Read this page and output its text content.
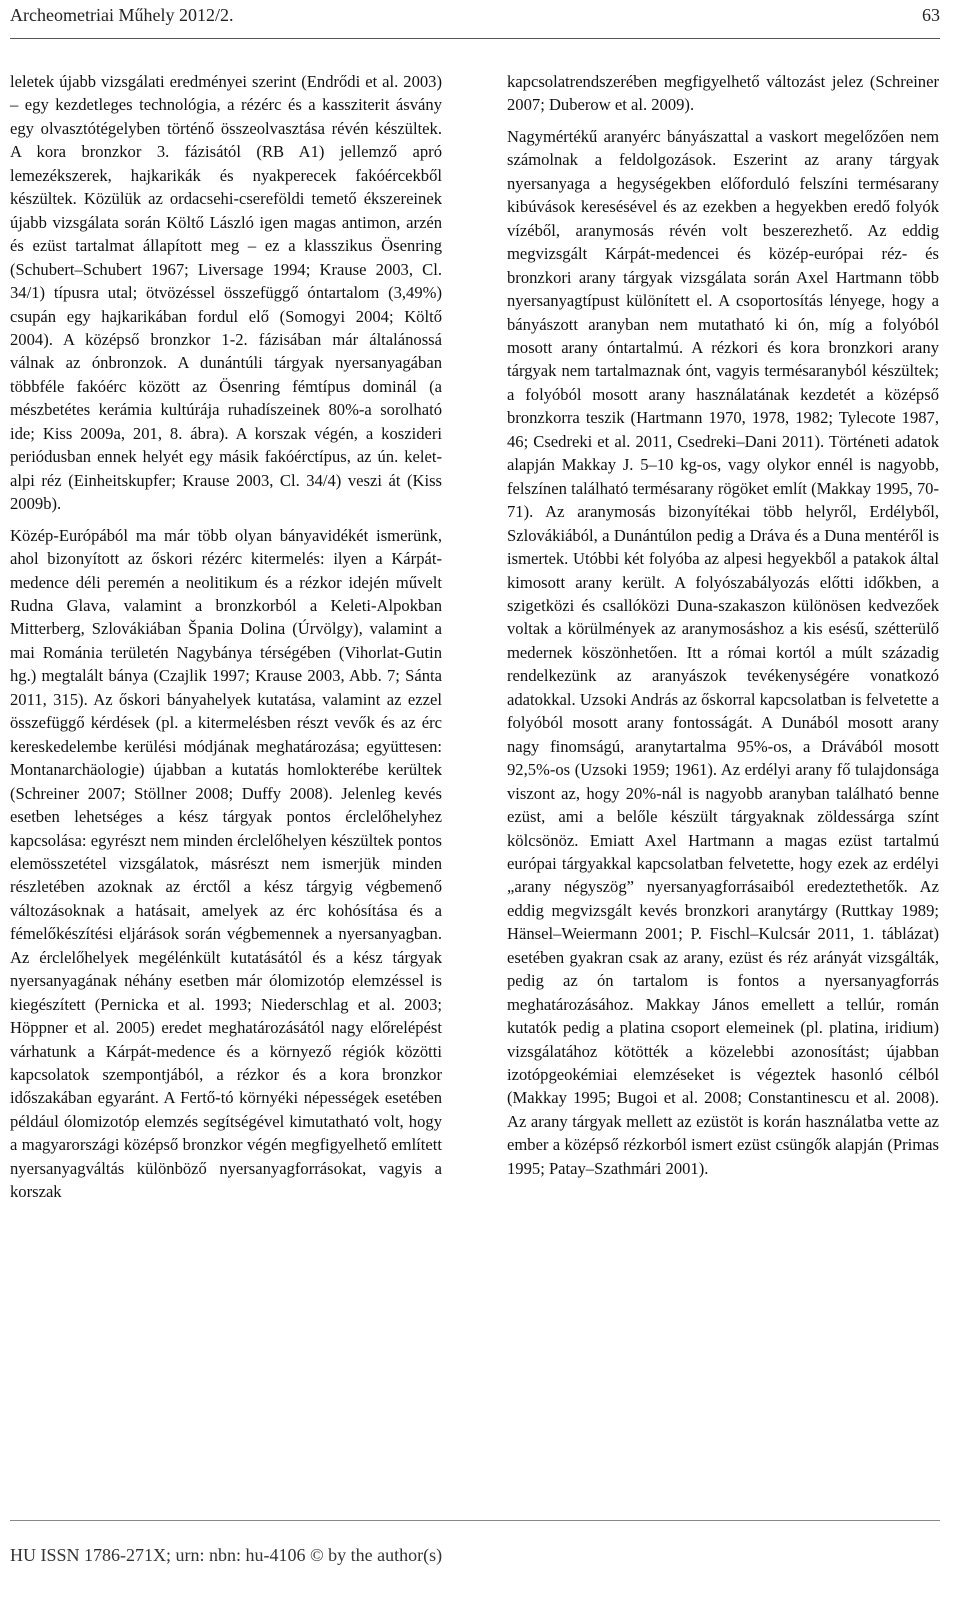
Archeometriai Műhely 2012/2.	63

leletek újabb vizsgálati eredményei szerint (Endrődi et al. 2003) – egy kezdetleges technológia, a rézérc és a kassziterit ásvány egy olvasztótégelyben történő összeolvasztása révén készültek. A kora bronzkor 3. fázisától (RB A1) jellemző apró lemezékszerek, hajkarikák és nyakperecek fakóércekből készültek. Közülük az ordacsehi-csereföldi temető ékszereinek újabb vizsgálata során Költő László igen magas antimon, arzén és ezüst tartalmat állapított meg – ez a klasszikus Ösenring (Schubert–Schubert 1967; Liversage 1994; Krause 2003, Cl. 34/1) típusra utal; ötvözéssel összefüggő óntartalom (3,49%) csupán egy hajkarikában fordul elő (Somogyi 2004; Költő 2004). A középső bronzkor 1-2. fázisában már általánossá válnak az ónbronzok. A dunántúli tárgyak nyersanyagában többféle fakóérc között az Ösenring fémtípus dominál (a mészbetétes kerámia kultúrája ruhadíszeinek 80%-a sorolható ide; Kiss 2009a, 201, 8. ábra). A korszak végén, a koszideri periódusban ennek helyét egy másik fakóérctípus, az ún. kelet-alpi réz (Einheitskupfer; Krause 2003, Cl. 34/4) veszi át (Kiss 2009b).

Közép-Európából ma már több olyan bányavidékét ismerünk, ahol bizonyított az őskori rézérc kitermelés: ilyen a Kárpát-medence déli peremén a neolitikum és a rézkor idején művelt Rudna Glava, valamint a bronzkorból a Keleti-Alpokban Mitterberg, Szlovákiában Špania Dolina (Úrvölgy), valamint a mai Románia területén Nagybánya térségében (Vihorlat-Gutin hg.) megtalált bánya (Czajlik 1997; Krause 2003, Abb. 7; Sánta 2011, 315). Az őskori bányahelyek kutatása, valamint az ezzel összefüggő kérdések (pl. a kitermelésben részt vevők és az érc kereskedelembe kerülési módjának meghatározása; együttesen: Montanarchäologie) újabban a kutatás homlokterébe kerültek (Schreiner 2007; Stöllner 2008; Duffy 2008). Jelenleg kevés esetben lehetséges a kész tárgyak pontos érclelőhelyhez kapcsolása: egyrészt nem minden érclelőhelyen készültek pontos elemösszetétel vizsgálatok, másrészt nem ismerjük minden részletében azoknak az érctől a kész tárgyig végbemenő változásoknak a hatásait, amelyek az érc kohósítása és a fémelőkészítési eljárások során végbemennek a nyersanyagban. Az érclelőhelyek megélénkült kutatásától és a kész tárgyak nyersanyagának néhány esetben már ólomizotóp elemzéssel is kiegészített (Pernicka et al. 1993; Niederschlag et al. 2003; Höppner et al. 2005) eredet meghatározásától nagy előrelépést várhatunk a Kárpát-medence és a környező régiók közötti kapcsolatok szempontjából, a rézkor és a kora bronzkor időszakában egyaránt. A Fertő-tó környéki népességek esetében például ólomizotóp elemzés segítségével kimutatható volt, hogy a magyarországi középső bronzkor végén megfigyelhető említett nyersanyagváltás különböző nyersanyagforrásokat, vagyis a korszak

kapcsolatrendszerében megfigyelhető változást jelez (Schreiner 2007; Duberow et al. 2009).

Nagymértékű aranyérc bányászattal a vaskort megelőzően nem számolnak a feldolgozások. Eszerint az arany tárgyak nyersanyaga a hegységekben előforduló felszíni termésarany kibúvások keresésével és az ezekben a hegyekben eredő folyók vízéből, aranymosás révén volt beszerezhető. Az eddig megvizsgált Kárpát-medencei és közép-európai réz- és bronzkori arany tárgyak vizsgálata során Axel Hartmann több nyersanyagtípust különített el. A csoportosítás lényege, hogy a bányászott aranyban nem mutatható ki ón, míg a folyóból mosott arany óntartalmú. A rézkori és kora bronzkori arany tárgyak nem tartalmaznak ónt, vagyis termésaranyból készültek; a folyóból mosott arany használatának kezdetét a középső bronzkorra teszik (Hartmann 1970, 1978, 1982; Tylecote 1987, 46; Csedreki et al. 2011, Csedreki–Dani 2011). Történeti adatok alapján Makkay J. 5–10 kg-os, vagy olykor ennél is nagyobb, felszínen található termésarany rögöket említ (Makkay 1995, 70-71). Az aranymosás bizonyítékai több helyről, Erdélyből, Szlovákiából, a Dunántúlon pedig a Dráva és a Duna mentéről is ismertek. Utóbbi két folyóba az alpesi hegyekből a patakok által kimosott arany került. A folyószabályozás előtti időkben, a szigetközi és csallóközi Duna-szakaszon különösen kedvezőek voltak a körülmények az aranymosáshoz a kis esésű, szétterülő medernek köszönhetően. Itt a római kortól a múlt századig rendelkezünk az aranyászok tevékenységére vonatkozó adatokkal. Uzsoki András az őskorral kapcsolatban is felvetette a folyóból mosott arany fontosságát. A Dunából mosott arany nagy finomságú, aranytartalma 95%-os, a Drávából mosott 92,5%-os (Uzsoki 1959; 1961). Az erdélyi arany fő tulajdonsága viszont az, hogy 20%-nál is nagyobb aranyban található benne ezüst, ami a belőle készült tárgyaknak zöldessárga színt kölcsönöz. Emiatt Axel Hartmann a magas ezüst tartalmú európai tárgyakkal kapcsolatban felvetette, hogy ezek az erdélyi „arany négyszög” nyersanyagforrásaiból eredeztethetők. Az eddig megvizsgált kevés bronzkori aranytárgy (Ruttkay 1989; Hänsel–Weiermann 2001; P. Fischl–Kulcsár 2011, 1. táblázat) esetében gyakran csak az arany, ezüst és réz arányát vizsgálták, pedig az ón tartalom is fontos a nyersanyagforrás meghatározásához. Makkay János emellett a tellúr, román kutatók pedig a platina csoport elemeinek (pl. platina, iridium) vizsgálatához kötötték a közelebbi azonosítást; újabban izotópgeokémiai elemzéseket is végeztek hasonló célból (Makkay 1995; Bugoi et al. 2008; Constantinescu et al. 2008). Az arany tárgyak mellett az ezüstöt is korán használatba vette az ember a középső rézkorból ismert ezüst csüngők alapján (Primas 1995; Patay–Szathmári 2001).

HU ISSN 1786-271X; urn: nbn: hu-4106 © by the author(s)
